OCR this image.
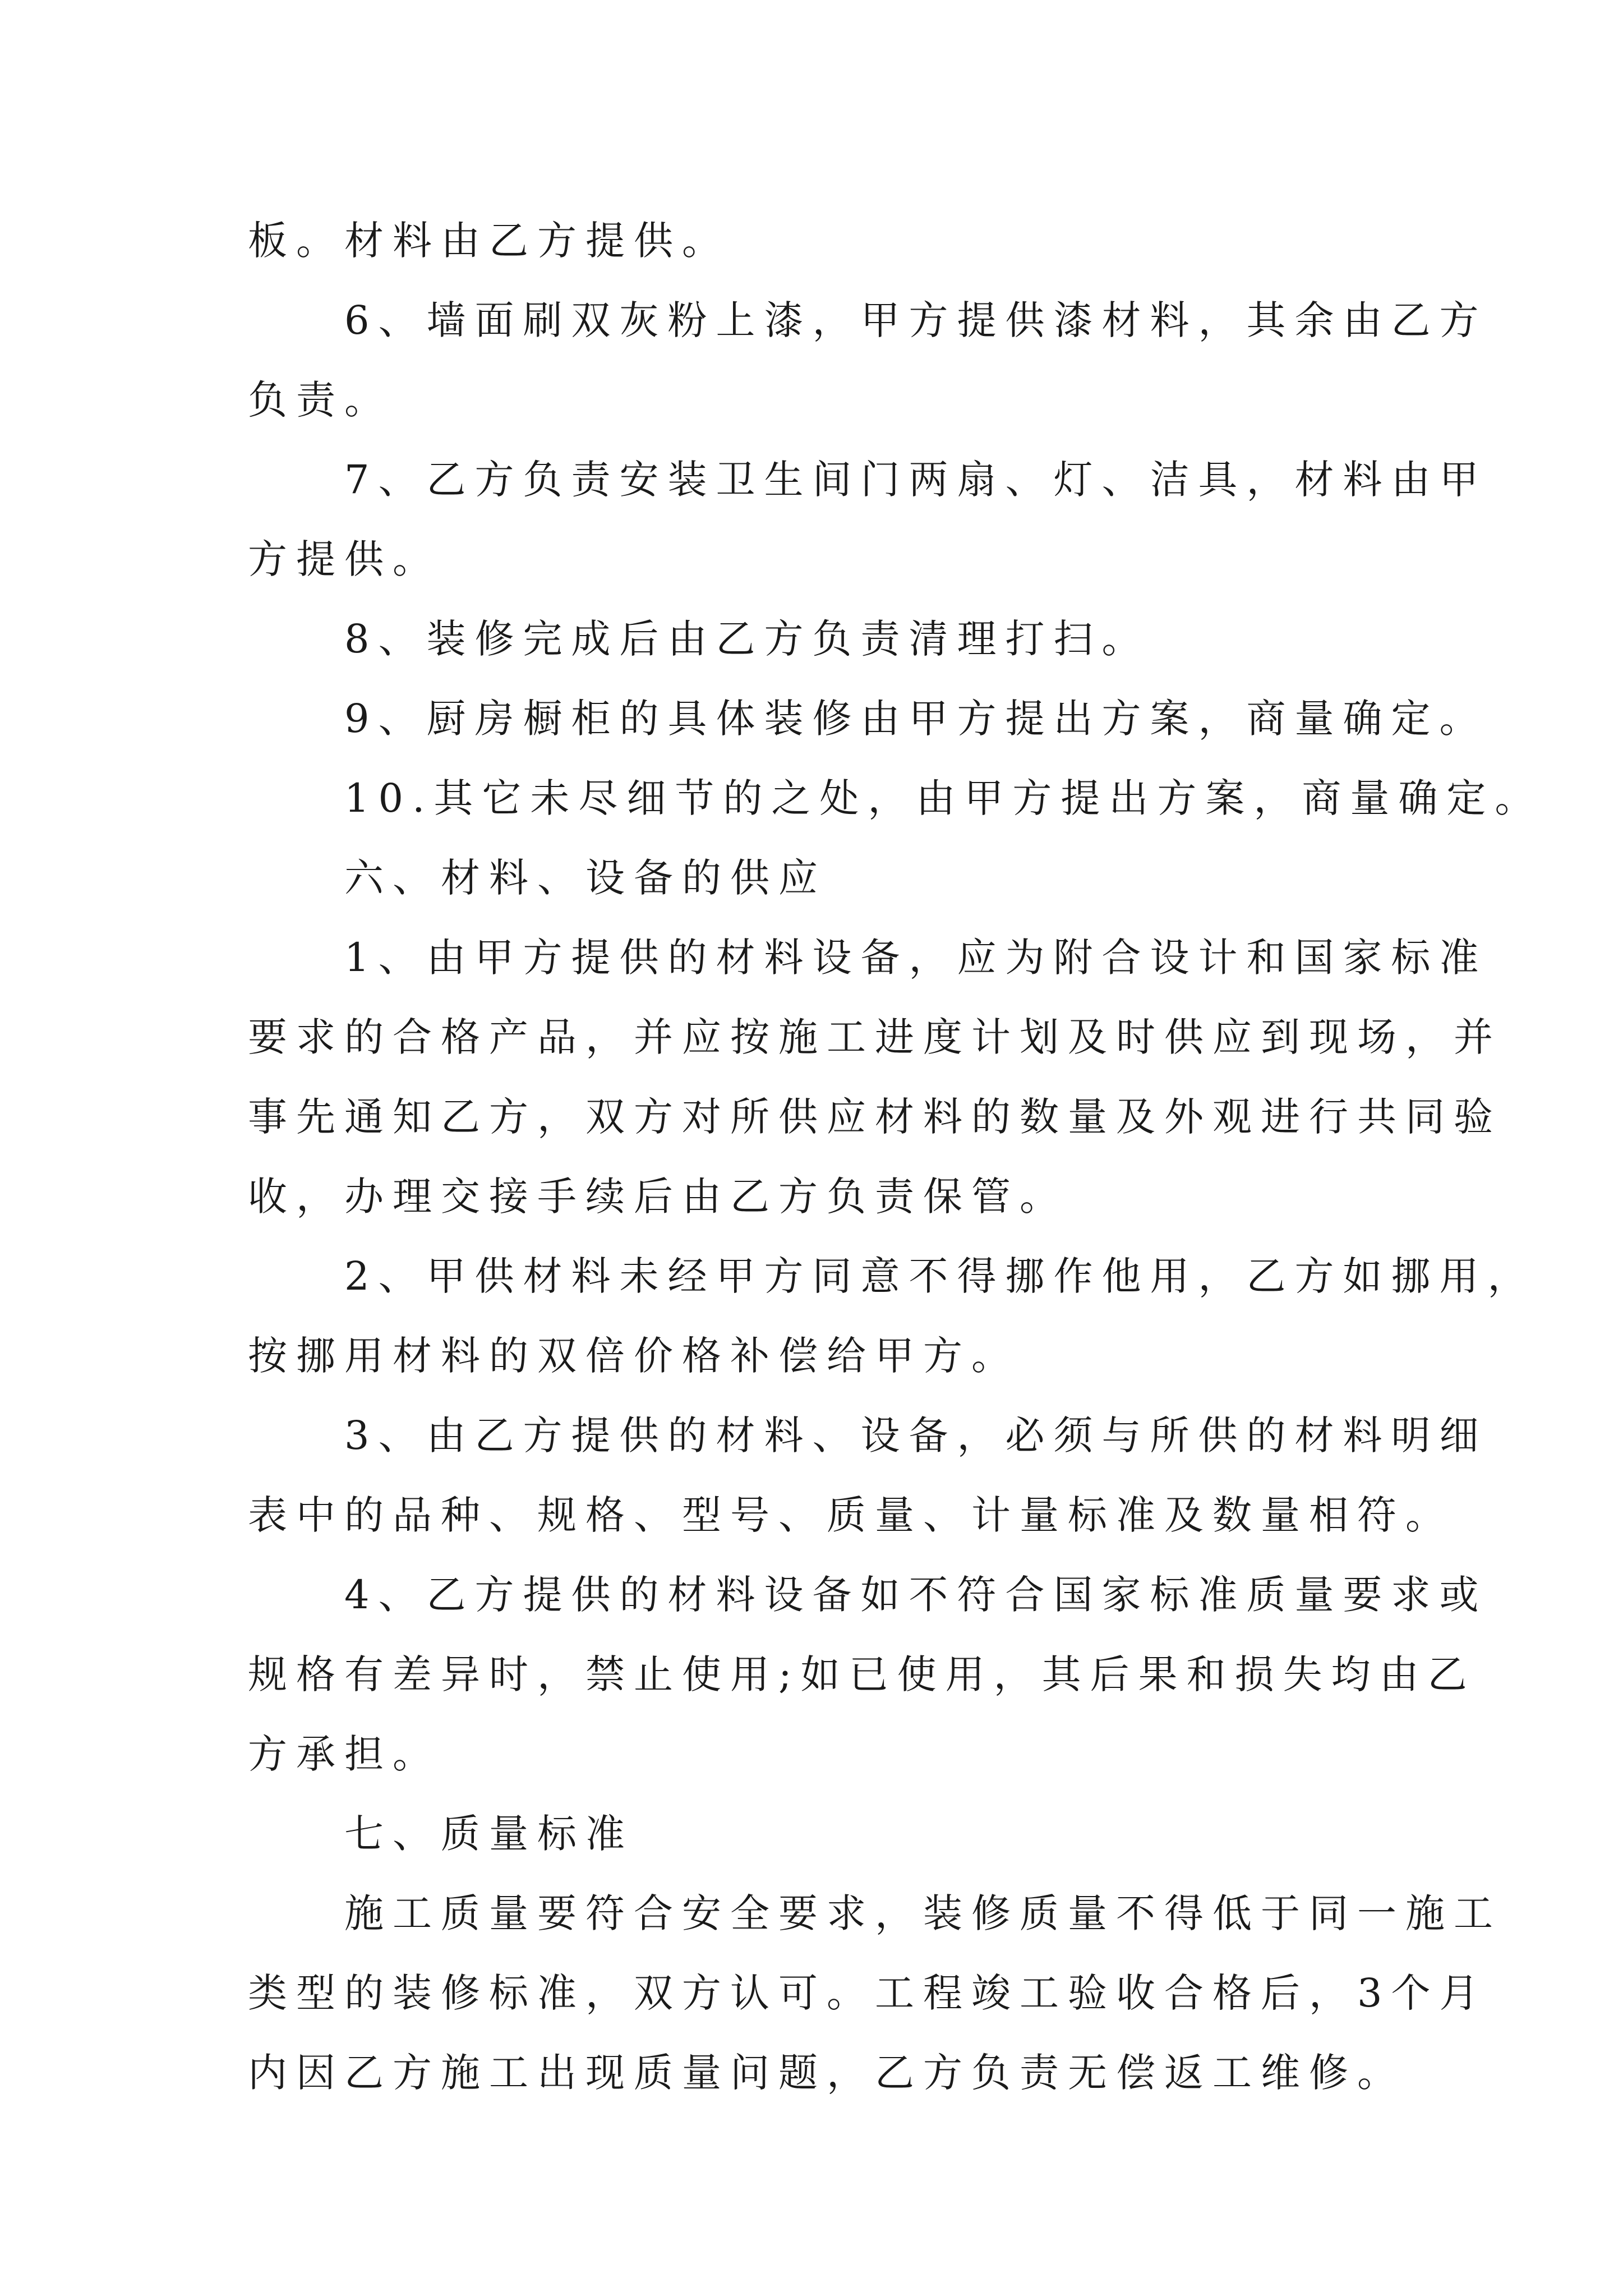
板。材料由乙方提供。
6、墙面刷双灰粉上漆，甲方提供漆材料，其余由乙方
负责。
7、乙方负责安装卫生间门两扇、灯、洁具，材料由甲
方提供。
8、装修完成后由乙方负责清理打扫。
9、厨房橱柜的具体装修由甲方提出方案，商量确定。
10.其它未尽细节的之处，由甲方提出方案，商量确定。
六、材料、设备的供应
1、由甲方提供的材料设备，应为附合设计和国家标准
要求的合格产品，并应按施工进度计划及时供应到现场，并
事先通知乙方，双方对所供应材料的数量及外观进行共同验
收，办理交接手续后由乙方负责保管。
2、甲供材料未经甲方同意不得挪作他用，乙方如挪用，
按挪用材料的双倍价格补偿给甲方。
3、由乙方提供的材料、设备，必须与所供的材料明细
表中的品种、规格、型号、质量、计量标准及数量相符。
4、乙方提供的材料设备如不符合国家标准质量要求或
规格有差异时，禁止使用;如已使用，其后果和损失均由乙
方承担。
七、质量标准
施工质量要符合安全要求，装修质量不得低于同一施工
类型的装修标准，双方认可。工程竣工验收合格后，3个月
内因乙方施工出现质量问题，乙方负责无偿返工维修。
